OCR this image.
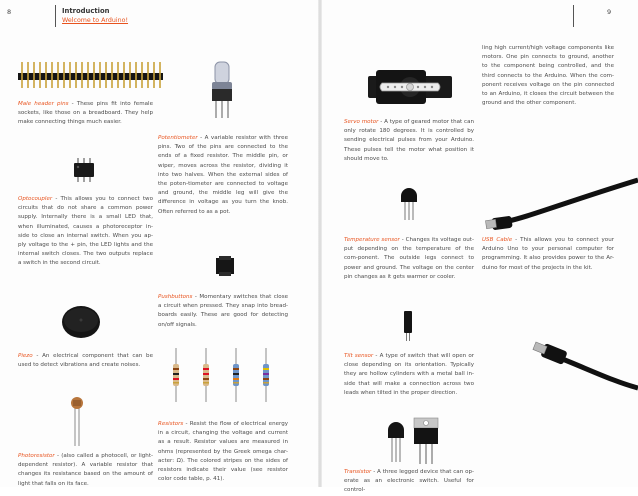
8	Introduction
Welcome to Arduino!
9
Male header pins - These pins fit into female sockets, like those on a breadboard. They help make connecting things much easier.
Optocoupler - This allows you to connect two circuits that do not share a common power supply. Internally there is a small LED that, when illuminated, causes a photoreceptor in-side to close an internal switch. When you ap-ply voltage to the + pin, the LED lights and the internal switch closes. The two outputs replace a switch in the second circuit.
Piezo - An electrical component that can be used to detect vibrations and create noises.
Photoresistor - (also called a photocell, or light-dependent resistor). A variable resistor that changes its resistance based on the amount of light that falls on its face.
Potentiometer - A variable resistor with three pins. Two of the pins are connected to the ends of a fixed resistor. The middle pin, or wiper, moves across the resistor, dividing it into two halves. When the external sides of the poten-tiometer are connected to voltage and ground, the middle leg will give the difference in voltage as you turn the knob. Often referred to as a pot.
Pushbuttons - Momentary switches that close a circuit when pressed. They snap into bread-boards easily. These are good for detecting on/off signals.
Resistors - Resist the flow of electrical energy in a circuit, changing the voltage and current as a result. Resistor values are measured in ohms (represented by the Greek omega char-acter: Ω). The colored stripes on the sides of resistors indicate their value (see resistor color code table, p. 41).
Servo motor - A type of geared motor that can only rotate 180 degrees. It is controlled by sending electrical pulses from your Arduino. These pulses tell the motor what position it should move to.
Temperature sensor - Changes its voltage out-put depending on the temperature of the com-ponent. The outside legs connect to power and ground. The voltage on the center pin changes as it gets warmer or cooler.
Tilt sensor - A type of switch that will open or close depending on its orientation. Typically they are hollow cylinders with a metal ball in-side that will make a connection across two leads when tilted in the proper direction.
Transistor - A three legged device that can op-erate as an electronic switch. Useful for control-
ling high current/high voltage components like motors. One pin connects to ground, another to the component being controlled, and the third connects to the Arduino. When the com-ponent receives voltage on the pin connected to an Arduino, it closes the circuit between the ground and the other component.
USB Cable - This allows you to connect your Arduino Uno to your personal computer for programming. It also provides power to the Ar-duino for most of the projects in the kit.
